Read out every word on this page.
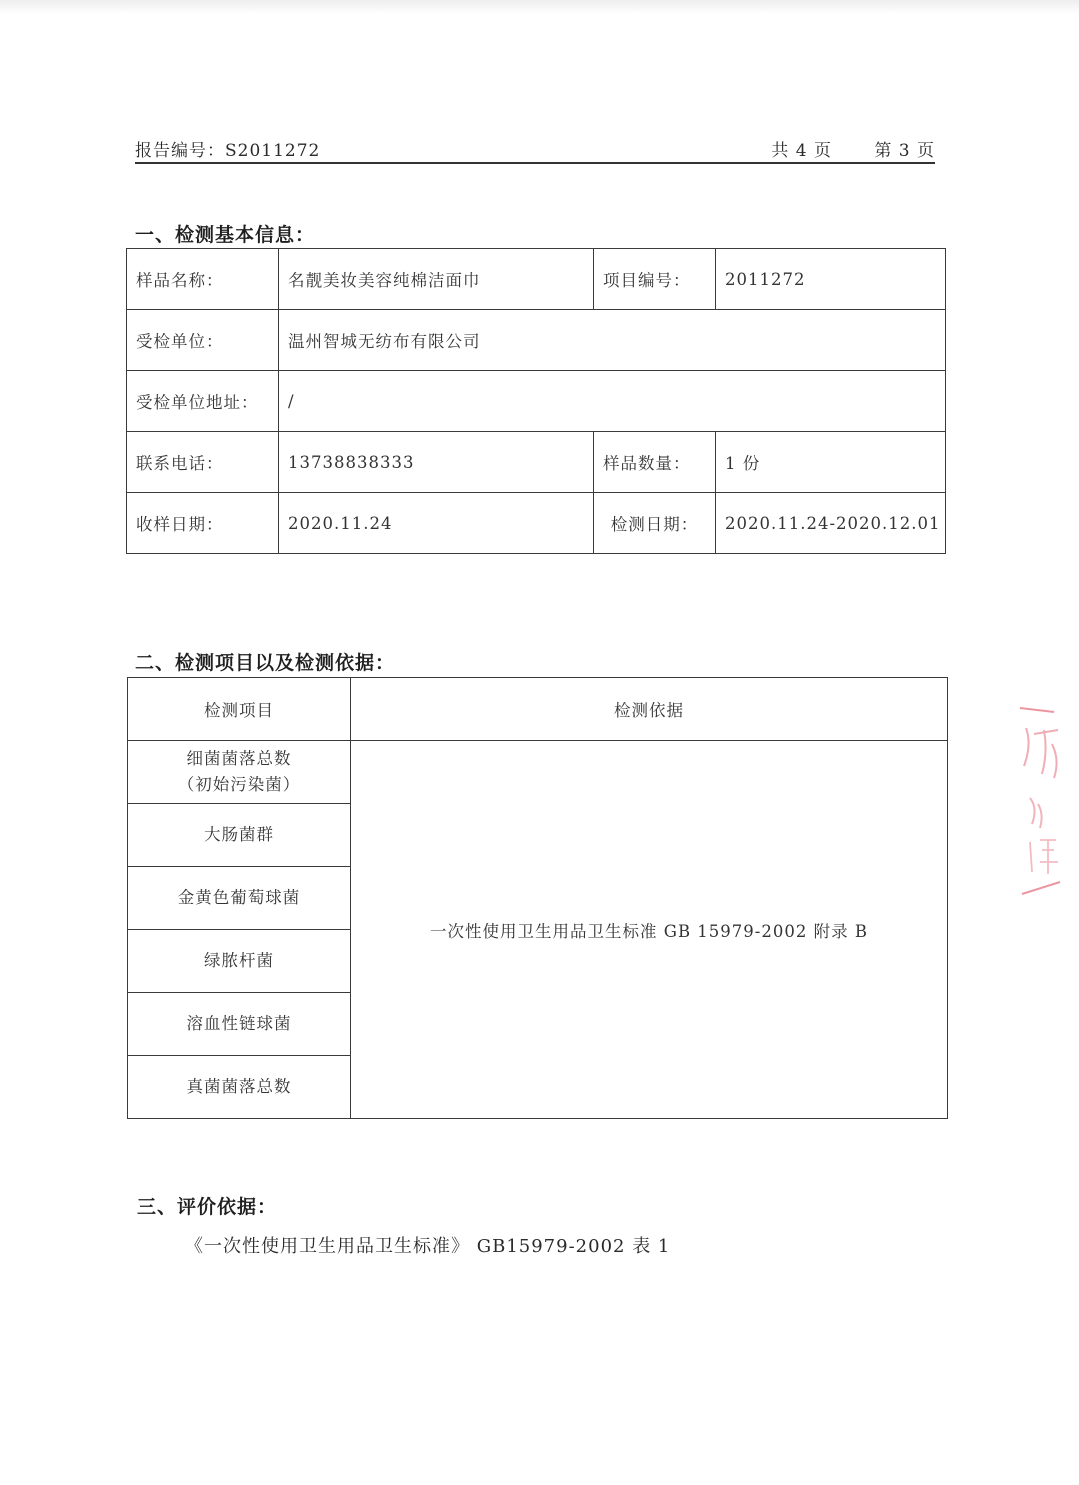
报告编号：S2011272	共 4 页 第 3 页
一、检测基本信息：
样品名称：	名靓美妆美容纯棉洁面巾	项目编号：	2011272
受检单位：	温州智城无纺布有限公司		
受检单位地址：	/		
联系电话：	13738838333	样品数量：	1 份
收样日期：	2020.11.24	检测日期：	2020.11.24-2020.12.01
二、检测项目以及检测依据：
检测项目	检测依据

细菌菌落总数
（初始污染菌）	一次性使用卫生用品卫生标准 GB 15979-2002 附录 B
大肠菌群	
金黄色葡萄球菌	
绿脓杆菌	
溶血性链球菌	
真菌菌落总数	
三、评价依据：
《一次性使用卫生用品卫生标准》 GB15979-2002 表 1
